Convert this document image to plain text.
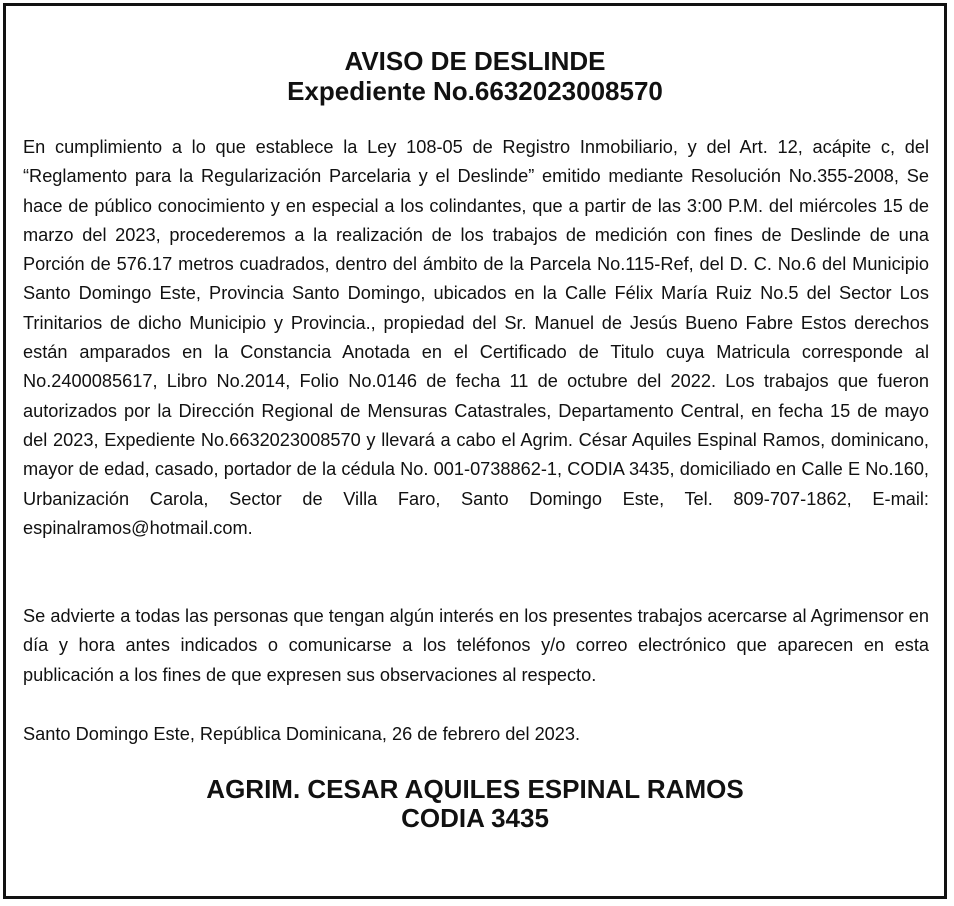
AVISO DE DESLINDE
Expediente No.6632023008570

En cumplimiento a lo que establece la Ley 108-05 de Registro Inmobiliario, y del Art. 12, acápite c, del “Reglamento para la Regularización Parcelaria y el Deslinde” emitido mediante Resolución No.355-2008, Se hace de público conocimiento y en especial a los colindantes, que a partir de las 3:00 P.M. del miércoles 15 de marzo del 2023, procederemos a la realización de los trabajos de medición con fines de Deslinde de una Porción de 576.17 metros cuadrados, dentro del ámbito de la Parcela No.115-Ref, del D. C. No.6 del Municipio Santo Domingo Este, Provincia Santo Domingo, ubicados en la Calle Félix María Ruiz No.5 del Sector Los Trinitarios de dicho Municipio y Provincia., propiedad del Sr. Manuel de Jesús Bueno Fabre Estos derechos están amparados en la Constancia Anotada en el Certificado de Titulo cuya Matricula corresponde al No.2400085617, Libro No.2014, Folio No.0146 de fecha 11 de octubre del 2022. Los trabajos que fueron autorizados por la Dirección Regional de Mensuras Catastrales, Departamento Central, en fecha 15 de mayo del 2023, Expediente No.6632023008570 y llevará a cabo el Agrim. César Aquiles Espinal Ramos, dominicano, mayor de edad, casado, portador de la cédula No. 001-0738862-1, CODIA 3435, domiciliado en Calle E No.160, Urbanización Carola, Sector de Villa Faro, Santo Domingo Este, Tel. 809-707-1862, E-mail: espinalramos@hotmail.com.

Se advierte a todas las personas que tengan algún interés en los presentes trabajos acercarse al Agrimensor en día y hora antes indicados o comunicarse a los teléfonos y/o correo electrónico que aparecen en esta publicación a los fines de que expresen sus observaciones al respecto.

Santo Domingo Este, República Dominicana, 26 de febrero del 2023.

AGRIM. CESAR AQUILES ESPINAL RAMOS
CODIA 3435
